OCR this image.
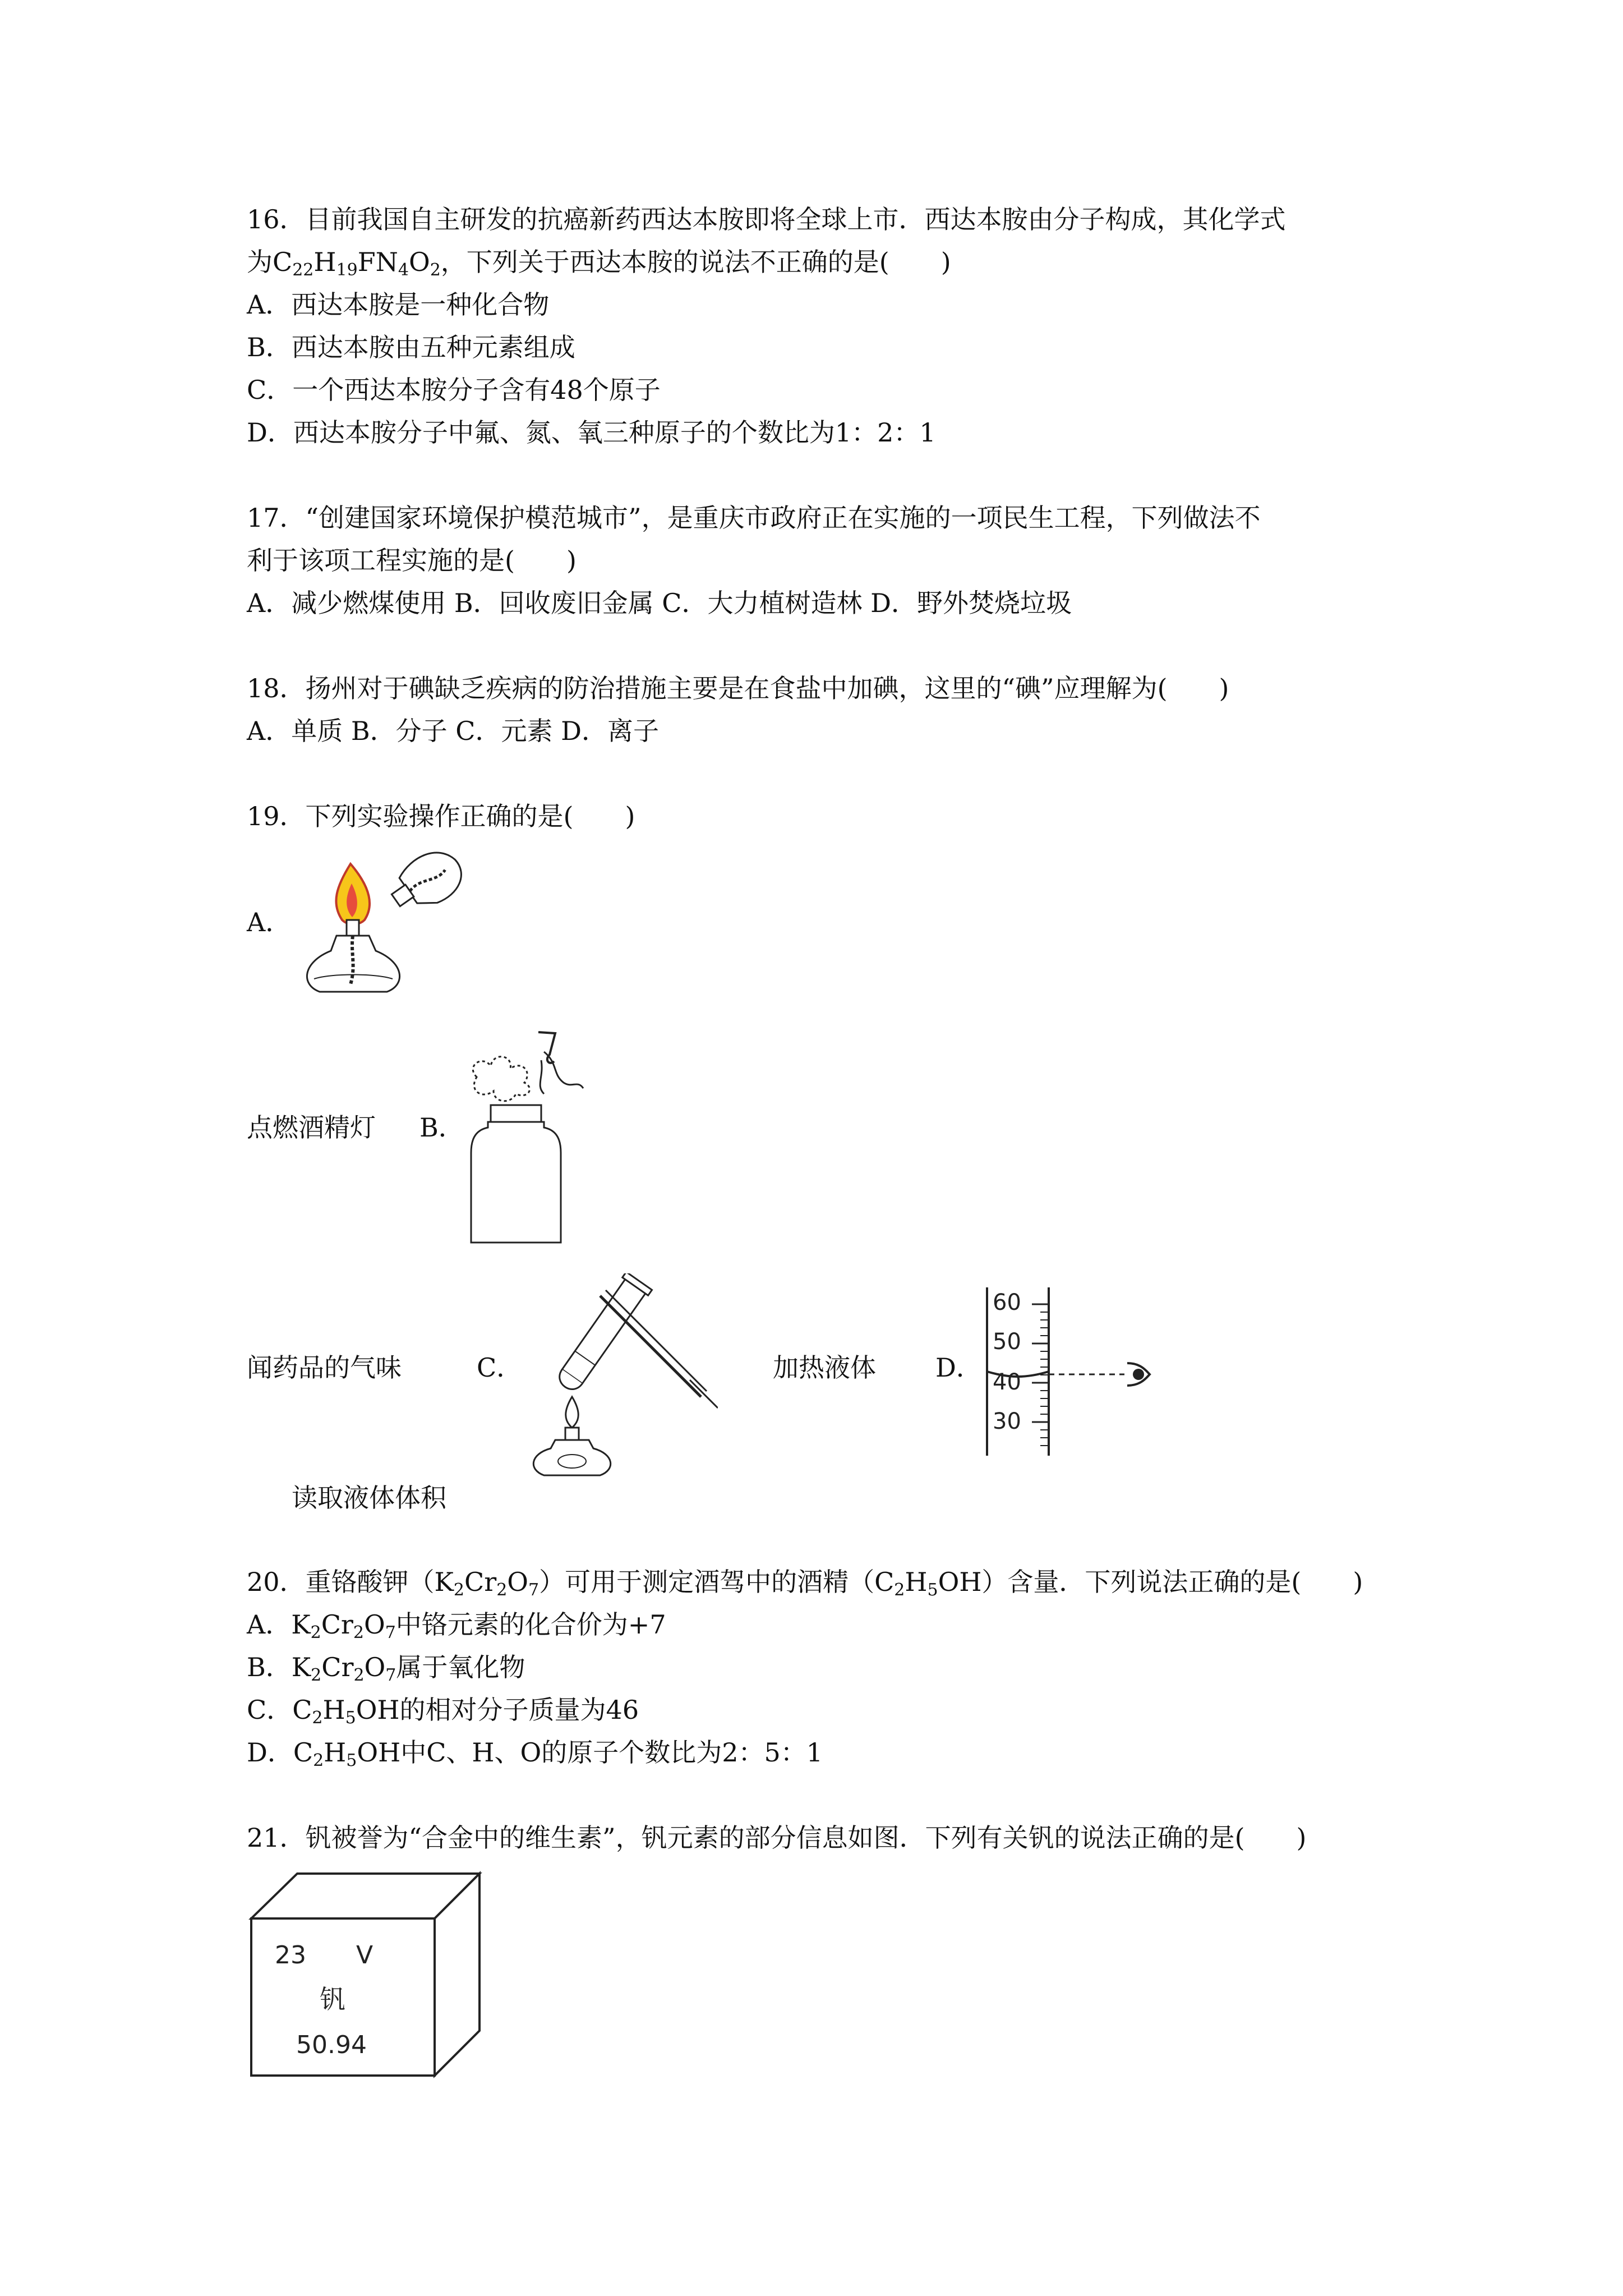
16．目前我国自主研发的抗癌新药西达本胺即将全球上市．西达本胺由分子构成，其化学式
为$C_{22}H_{19}FN_4O_2$，下列关于西达本胺的说法不正确的是(　　)
A．西达本胺是一种化合物
B．西达本胺由五种元素组成
C．一个西达本胺分子含有48个原子
D．西达本胺分子中氟、氮、氧三种原子的个数比为1：2：1
17．“创建国家环境保护模范城市”，是重庆市政府正在实施的一项民生工程，下列做法不
利于该项工程实施的是(　　)
A．减少燃煤使用 B．回收废旧金属 C．大力植树造林 D．野外焚烧垃圾
18．扬州对于碘缺乏疾病的防治措施主要是在食盐中加碘，这里的“碘”应理解为(　　)
A．单质 B．分子 C．元素 D．离子
19．下列实验操作正确的是(　　)
A．
点燃酒精灯 B．
闻药品的气味	C．	加热液体 D．
60
50
40
30
读取液体体积
20．重铬酸钾$(K_2Cr_2O_7)$可用于测定酒驾中的酒精$(C_2H_5OH)$含量．下列说法正确的是(　　)
A．$K_2Cr_2O_7$中铬元素的化合价为+7
B．$K_2Cr_2O_7$属于氧化物
C．$C_2H_5OH$的相对分子质量为46
D．$C_2H_5OH$中C、H、O的原子个数比为2：5：1
21．钒被誉为“合金中的维生素”，钒元素的部分信息如图．下列有关钒的说法正确的是(　　)
23 V
钒
50.94
